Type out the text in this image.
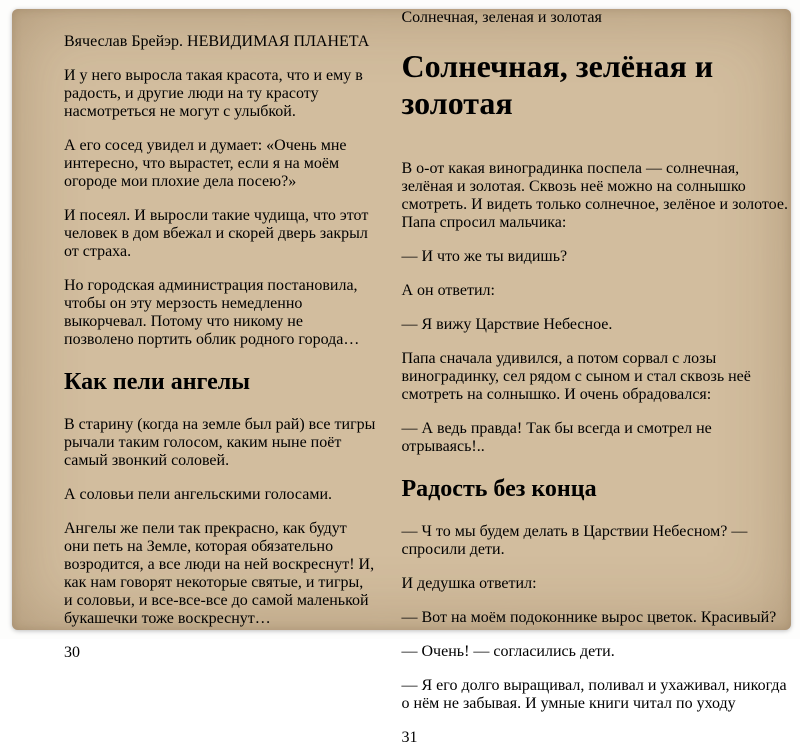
Вячеслав Брейэр. НЕВИДИМАЯ ПЛАНЕТА

И у него выросла такая красота, что и ему в радость, и другие люди на ту красоту насмотреться не могут с улыбкой.

А его сосед увидел и думает: «Очень мне интересно, что вырастет, если я на моём огороде мои плохие дела посею?»

И посеял. И выросли такие чудища, что этот человек в дом вбежал и скорей дверь закрыл от страха.

Но городская администрация постановила, чтобы он эту мерзость немедленно выкорчевал. Потому что никому не позволено портить облик родного города…

Как пели ангелы

В старину (когда на земле был рай) все тигры рычали таким голосом, каким ныне поёт самый звонкий соловей.

А соловьи пели ангельскими голосами.

Ангелы же пели так прекрасно, как будут они петь на Земле, которая обязательно возродится, а все люди на ней воскреснут! И, как нам говорят некоторые святые, и тигры, и соловьи, и все-все-все до самой маленькой букашечки тоже воскреснут…

30
Солнечная, зеленая и золотая
Солнечная, зелёная и золотая

В о-от какая виноградинка поспела — солнечная, зелёная и золотая. Сквозь неё можно на солнышко смотреть. И видеть только солнечное, зелёное и золотое. Папа спросил мальчика:

— И что же ты видишь?

А он ответил:

— Я вижу Царствие Небесное.

Папа сначала удивился, а потом сорвал с лозы виноградинку, сел рядом с сыном и стал сквозь неё смотреть на солнышко. И очень обрадовался:

— А ведь правда! Так бы всегда и смотрел не отрываясь!..

Радость без конца

— Ч то мы будем делать в Царствии Небесном? — спросили дети.

И дедушка ответил:

— Вот на моём подоконнике вырос цветок. Красивый?

— Очень! — согласились дети.

— Я его долго выращивал, поливал и ухаживал, никогда о нём не забывая. И умные книги читал по уходу

31
